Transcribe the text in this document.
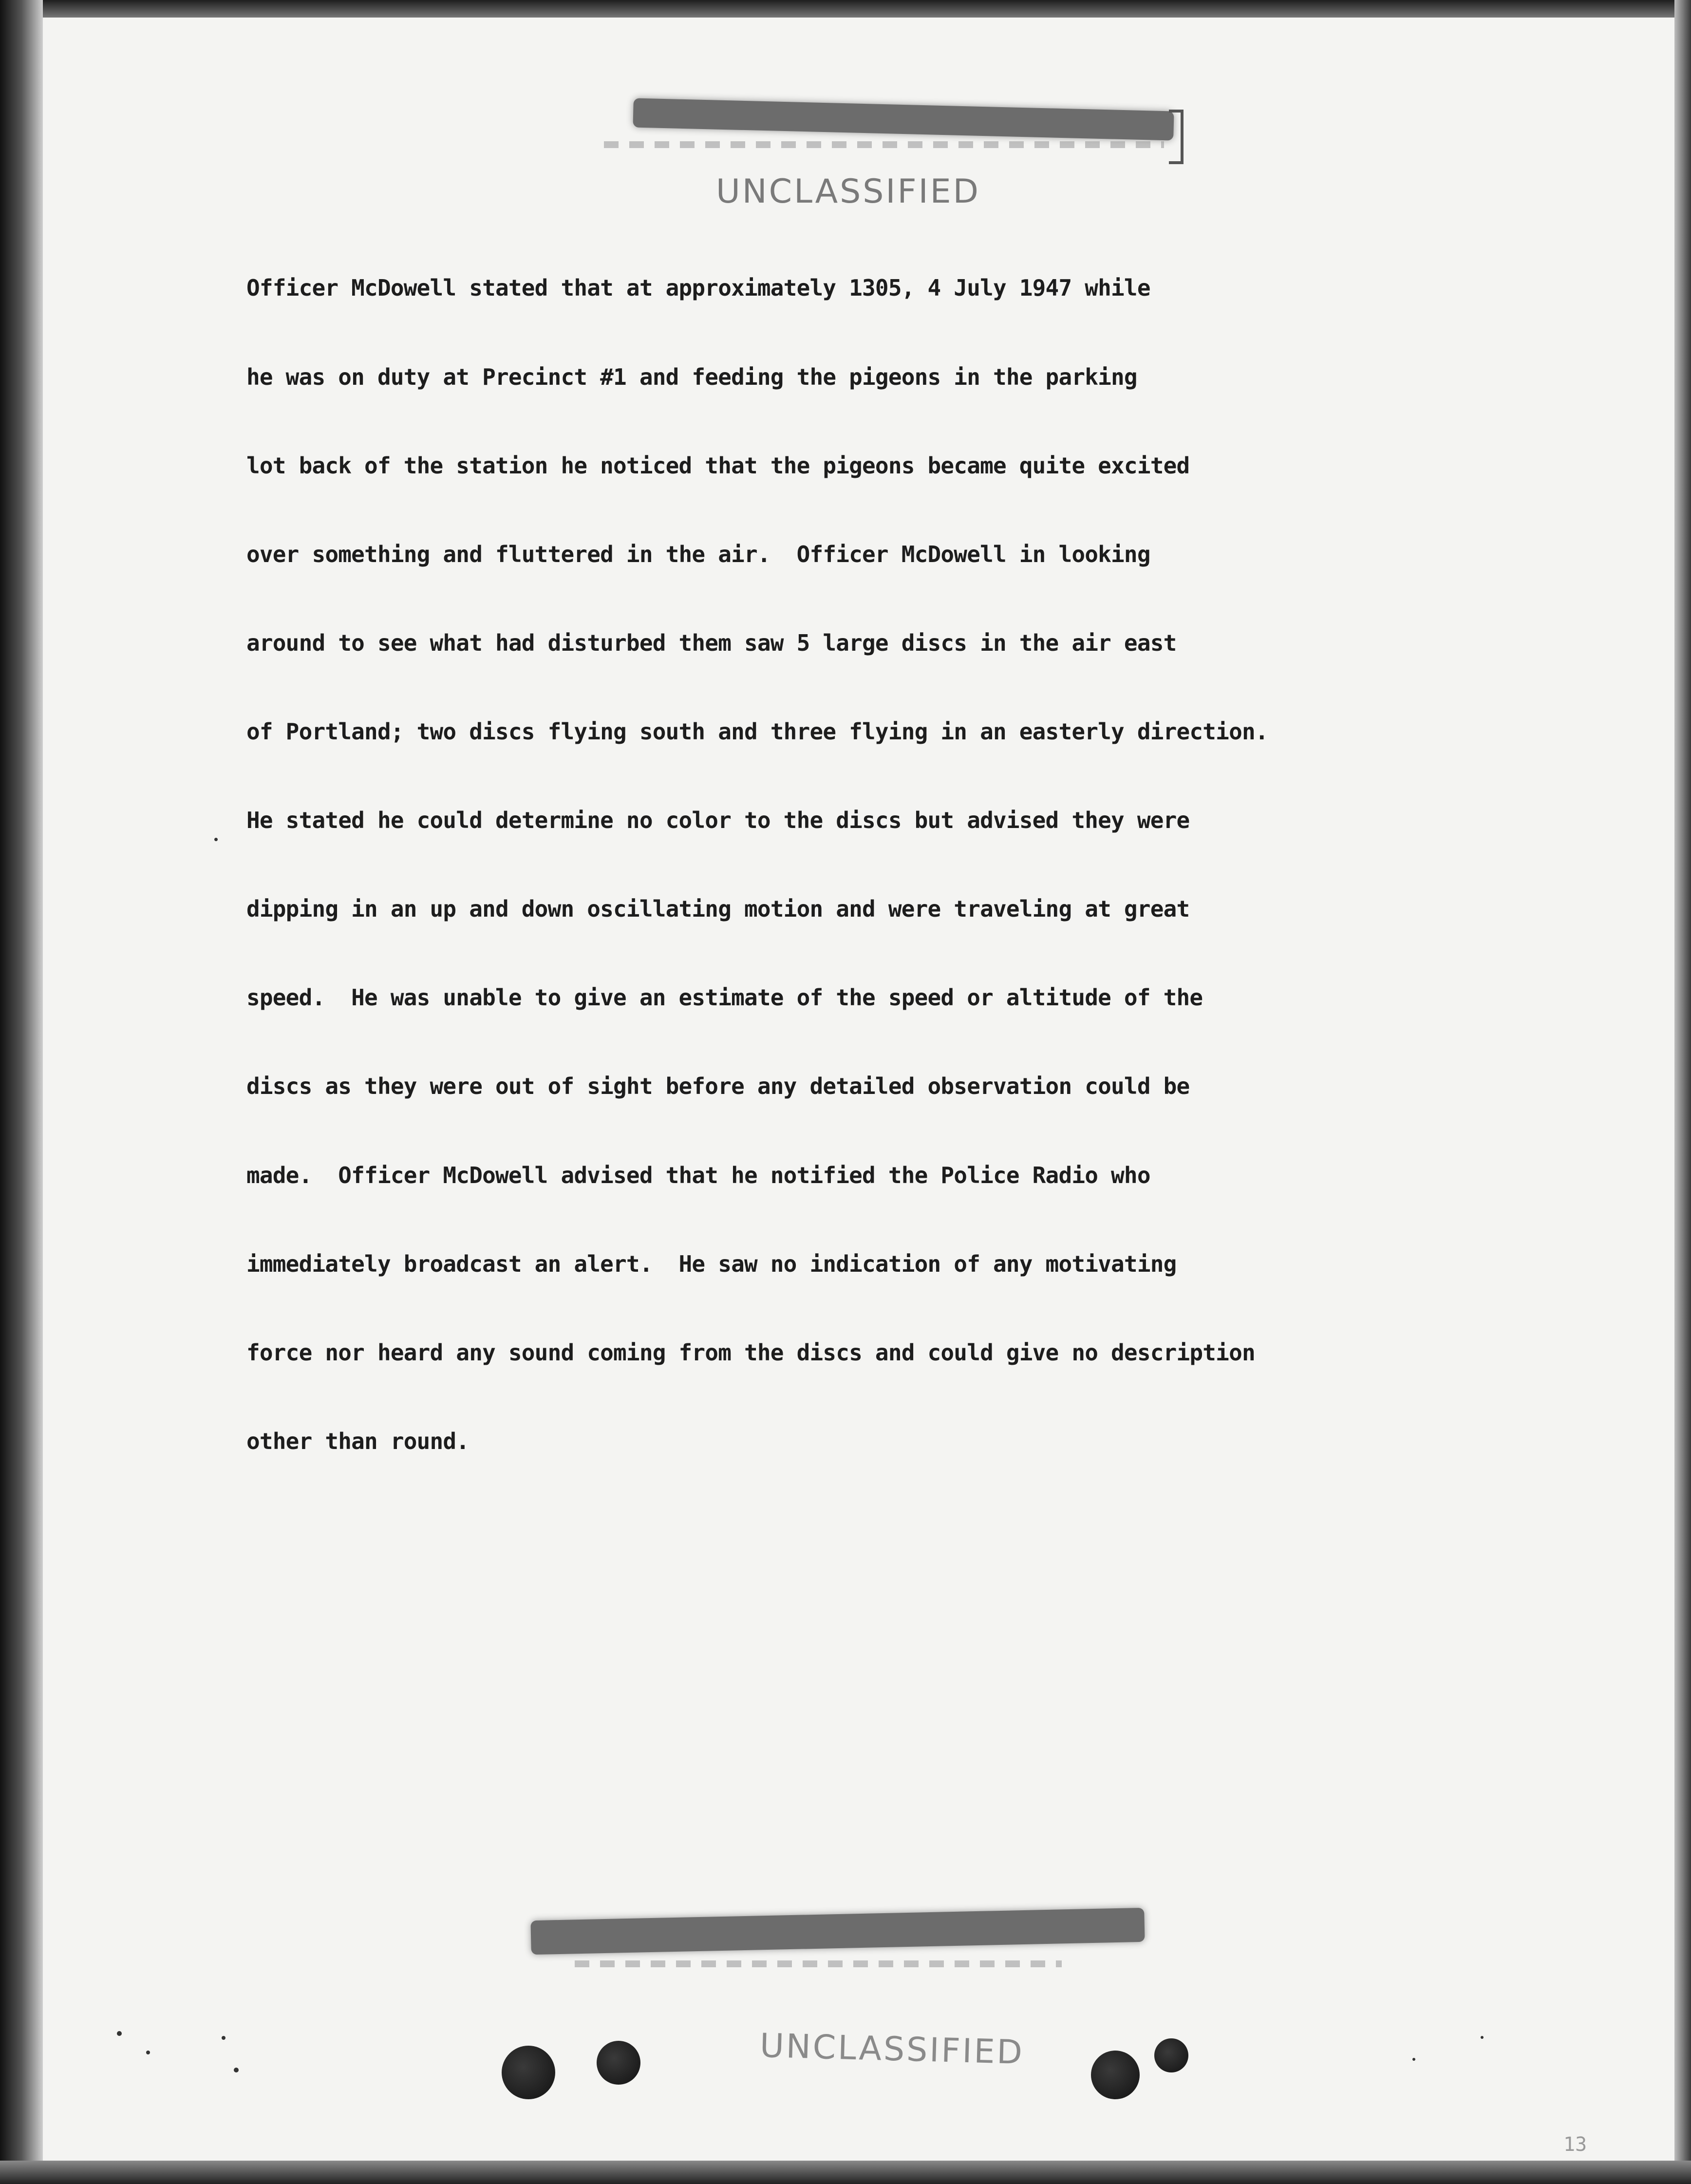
UNCLASSIFIED

Officer McDowell stated that at approximately 1305, 4 July 1947 while

he was on duty at Precinct #1 and feeding the pigeons in the parking

lot back of the station he noticed that the pigeons became quite excited

over something and fluttered in the air.  Officer McDowell in looking

around to see what had disturbed them saw 5 large discs in the air east

of Portland; two discs flying south and three flying in an easterly direction.

He stated he could determine no color to the discs but advised they were

dipping in an up and down oscillating motion and were traveling at great

speed.  He was unable to give an estimate of the speed or altitude of the

discs as they were out of sight before any detailed observation could be

made.  Officer McDowell advised that he notified the Police Radio who

immediately broadcast an alert.  He saw no indication of any motivating

force nor heard any sound coming from the discs and could give no description

other than round.

UNCLASSIFIED
13
